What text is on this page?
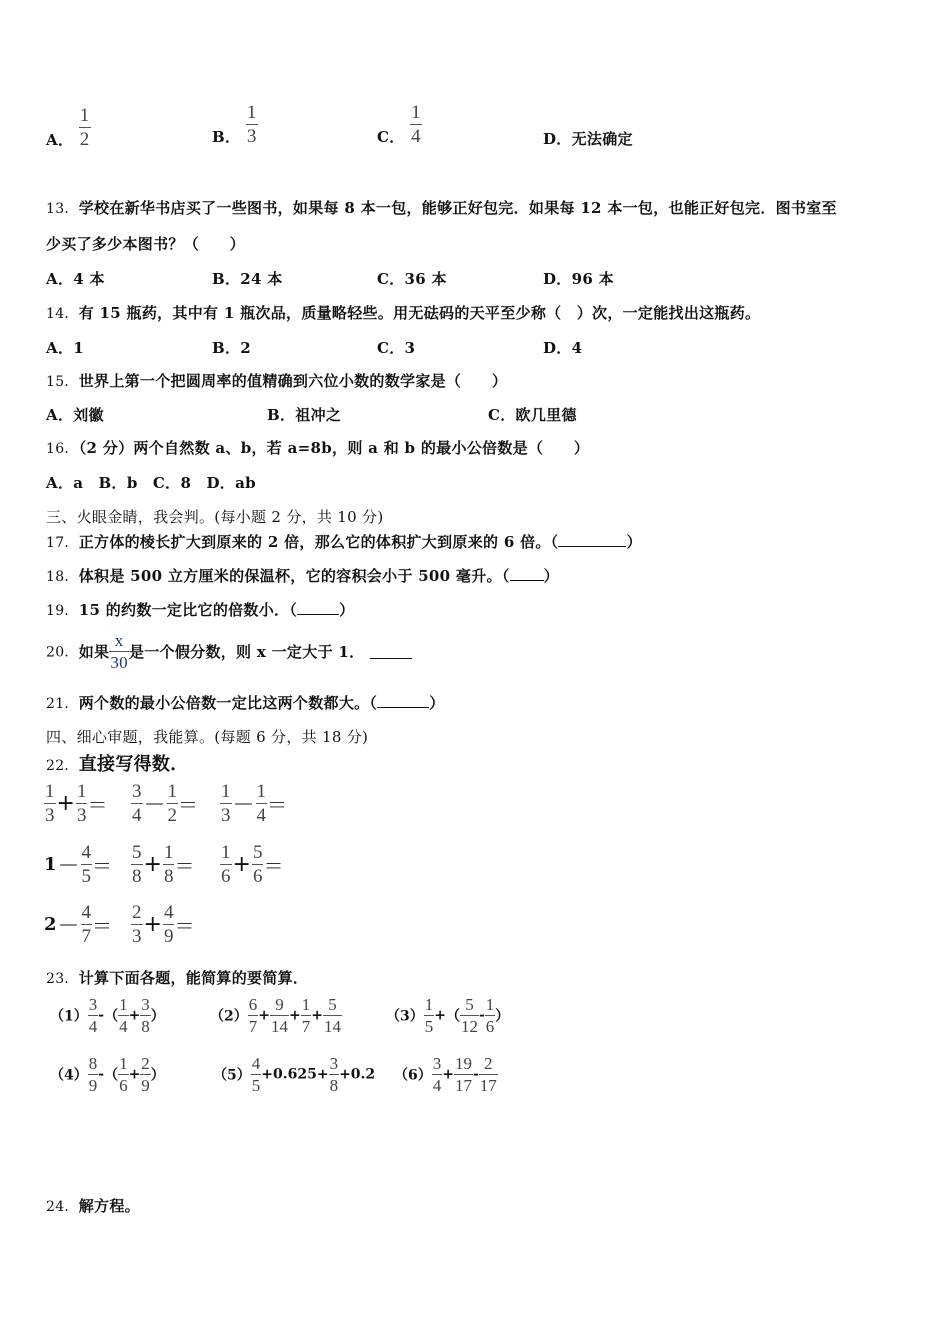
A． $\frac{1}{2}$	B． $\frac{1}{3}$	C． $\frac{1}{4}$	D．无法确定
13．学校在新华书店买了一些图书，如果每 8 本一包，能够正好包完．如果每 12 本一包，也能正好包完．图书室至
少买了多少本图书？（　　）
A．4 本	B．24 本	C．36 本	D．96 本
14．有 15 瓶药，其中有 1 瓶次品，质量略轻些。用无砝码的天平至少称（　）次，一定能找出这瓶药。
A．1	B．2	C．3	D．4
15．世界上第一个把圆周率的值精确到六位小数的数学家是（　　）
A．刘徽	B．祖冲之	C．欧几里德
16．（2 分）两个自然数 a、b，若 a=8b，则 a 和 b 的最小公倍数是（　　）
A．a　B．b　C．8　D．ab
三、火眼金睛，我会判。(每小题 2 分，共 10 分)
17．正方体的棱长扩大到原来的 2 倍，那么它的体积扩大到原来的 6 倍。（	）
18．体积是 500 立方厘米的保温杯，它的容积会小于 500 毫升。（ ）
19．15 的约数一定比它的倍数小．（	）
20．如果 $\frac{x}{30}$ 是一个假分数，则 x 一定大于 1．
21．两个数的最小公倍数一定比这两个数都大。（	）
四、细心审题，我能算。(每题 6 分，共 18 分)
22．直接写得数．
$\frac{1}{3} + \frac{1}{3} = \frac{3}{4} - \frac{1}{2} = \frac{1}{3} - \frac{1}{4}$ ＝
$1- \frac{4}{5} = \frac{5}{8} + \frac{1}{8} = \frac{1}{6} + \frac{5}{6}$ ＝
$2- \frac{4}{7} = \frac{2}{3} + \frac{4}{9}$ ＝
23．计算下面各题，能简算的要简算．
$(1) \frac{3}{4}$ -（ $\frac{1}{4} + \frac{3}{8}$ ）	$(2) \frac{6}{7} + \frac{9}{14} + \frac{1}{7} + \frac{5}{14}$	$(3) \frac{1}{5}$ +（ $\frac{5}{12} - \frac{1}{6}$ ）
$(4) \frac{8}{9}$ -（ $\frac{1}{6} + \frac{2}{9}$ ）	$(5) \frac{4}{5} +0.625+ \frac{3}{8} +0.2$ $(6) \frac{3}{4} + \frac{19}{17} - \frac{2}{17}$
24．解方程。
